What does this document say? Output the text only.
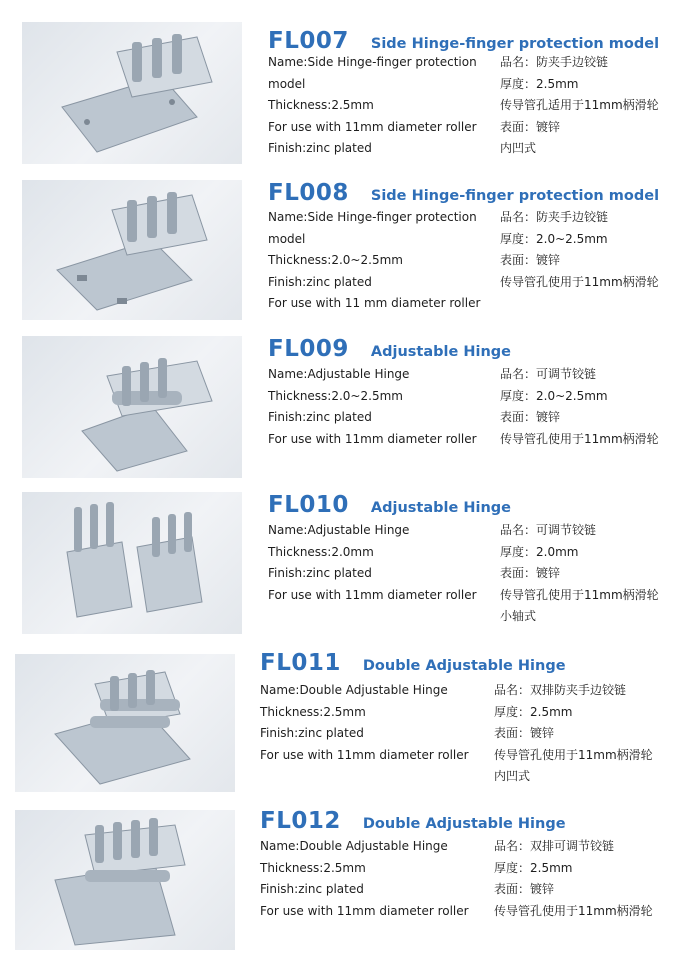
FL007 Side Hinge-finger protection model
Name:Side Hinge-finger protection
model
Thickness:2.5mm
For use with 11mm diameter roller
Finish:zinc plated
品名：防夹手边铰链
厚度：2.5mm
传导管孔适用于11mm柄滑轮
表面：镀锌
内凹式
FL008 Side Hinge-finger protection model
Name:Side Hinge-finger protection
model
Thickness:2.0~2.5mm
Finish:zinc plated
For use with 11 mm diameter roller
品名：防夹手边铰链
厚度：2.0~2.5mm
表面：镀锌
传导管孔使用于11mm柄滑轮
FL009 Adjustable Hinge
Name:Adjustable Hinge
Thickness:2.0~2.5mm
Finish:zinc plated
For use with 11mm diameter roller
品名：可调节铰链
厚度：2.0~2.5mm
表面：镀锌
传导管孔使用于11mm柄滑轮
FL010 Adjustable Hinge
Name:Adjustable Hinge
Thickness:2.0mm
Finish:zinc plated
For use with 11mm diameter roller
品名：可调节铰链
厚度：2.0mm
表面：镀锌
传导管孔使用于11mm柄滑轮
小轴式
FL011 Double Adjustable Hinge
Name:Double Adjustable Hinge
Thickness:2.5mm
Finish:zinc plated
For use with 11mm diameter roller
品名：双排防夹手边铰链
厚度：2.5mm
表面：镀锌
传导管孔使用于11mm柄滑轮
内凹式
FL012 Double Adjustable Hinge
Name:Double Adjustable Hinge
Thickness:2.5mm
Finish:zinc plated
For use with 11mm diameter roller
品名：双排可调节铰链
厚度：2.5mm
表面：镀锌
传导管孔使用于11mm柄滑轮
